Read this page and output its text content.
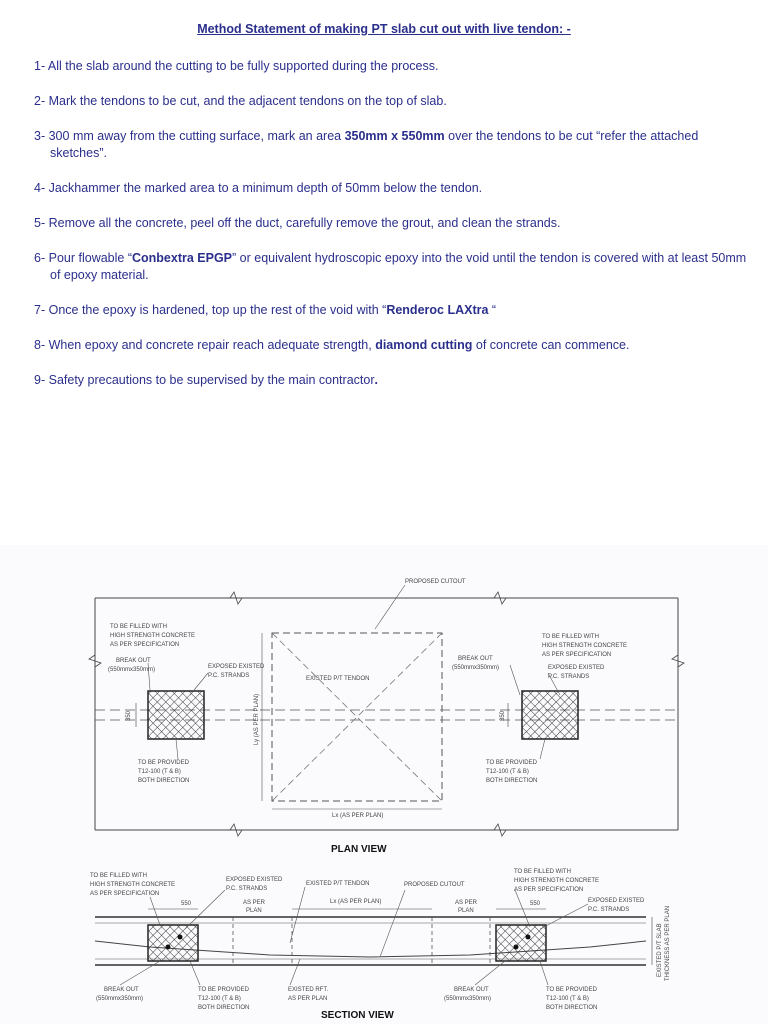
Method Statement of making PT slab cut out with live tendon: -
1- All the slab around the cutting to be fully supported during the process.
2- Mark the tendons to be cut, and the adjacent tendons on the top of slab.
3- 300 mm away from the cutting surface, mark an area 350mm x 550mm over the tendons to be cut “refer the attached sketches”.
4- Jackhammer the marked area to a minimum depth of 50mm below the tendon.
5- Remove all the concrete, peel off the duct, carefully remove the grout, and clean the strands.
6- Pour flowable “Conbextra EPGP” or equivalent hydroscopic epoxy into the void until the tendon is covered with at least 50mm of epoxy material.
7- Once the epoxy is hardened, top up the rest of the void with “Renderoc LAXtra “
8- When epoxy and concrete repair reach adequate strength, diamond cutting of concrete can commence.
9- Safety precautions to be supervised by the main contractor.
PROPOSED CUTOUT
TO BE FILLED WITH
HIGH STRENGTH CONCRETE
AS PER SPECIFICATION
BREAK OUT
(550mmx350mm)	EXPOSED EXISTED
P.C. STRANDS
TO BE PROVIDED
T12-100 (T & B)
BOTH DIRECTION
350	350
EXISTED P/T TENDON
Ly (AS PER PLAN)
Lx (AS PER PLAN)
BREAK OUT
(550mmx350mm)
TO BE FILLED WITH
HIGH STRENGTH CONCRETE
AS PER SPECIFICATION
EXPOSED EXISTED
P.C. STRANDS
TO BE PROVIDED
T12-100 (T & B)
BOTH DIRECTION
PLAN VIEW
TO BE FILLED WITH
HIGH STRENGTH CONCRETE
AS PER SPECIFICATION
EXPOSED EXISTED
P.C. STRANDS
550	AS PER
PLAN
EXISTED P/T TENDON
Lx (AS PER PLAN)
PROPOSED CUTOUT
AS PER
PLAN
550
TO BE FILLED WITH
HIGH STRENGTH CONCRETE
AS PER SPECIFICATION
EXPOSED EXISTED
P.C. STRANDS
EXISTED P/T SLAB THICKNESS AS PER PLAN
BREAK OUT
(550mmx350mm)
TO BE PROVIDED
T12-100 (T & B)
BOTH DIRECTION
EXISTED RFT.
AS PER PLAN
BREAK OUT
(550mmx350mm)
TO BE PROVIDED
T12-100 (T & B)
BOTH DIRECTION
SECTION VIEW
